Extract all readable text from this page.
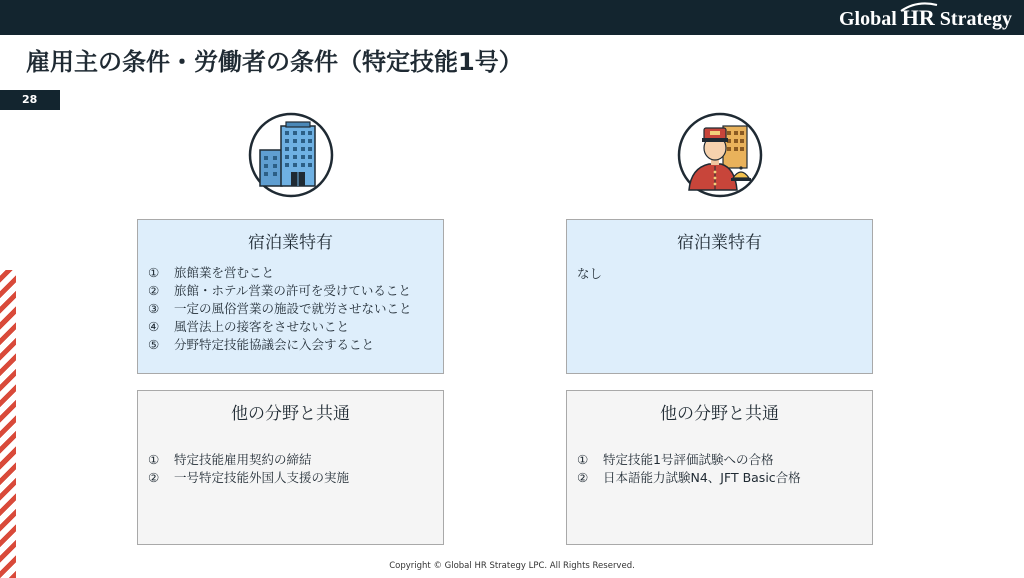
Global HR Strategy
雇用主の条件・労働者の条件（特定技能1号）
28
宿泊業特有
① 旅館業を営むこと
② 旅館・ホテル営業の許可を受けていること
③ 一定の風俗営業の施設で就労させないこと
④ 風営法上の接客をさせないこと
⑤ 分野特定技能協議会に入会すること
他の分野と共通
① 特定技能雇用契約の締結
② 一号特定技能外国人支援の実施
宿泊業特有
なし
他の分野と共通
① 特定技能1号評価試験への合格
② 日本語能力試験N4、JFT Basic合格
Copyright © Global HR Strategy LPC. All Rights Reserved.
